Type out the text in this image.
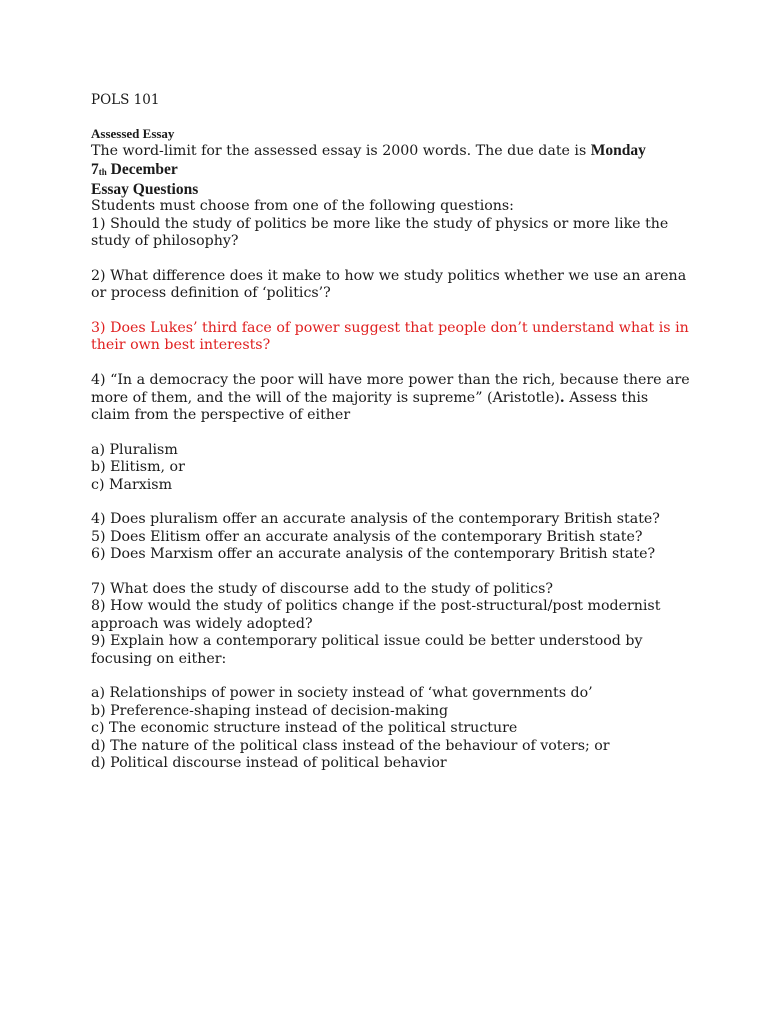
POLS 101

Assessed Essay

The word-limit for the assessed essay is 2000 words. The due date is Monday
7th December

Essay Questions

Students must choose from one of the following questions:

1) Should the study of politics be more like the study of physics or more like the study of philosophy?

2) What difference does it make to how we study politics whether we use an arena or process definition of ‘politics’?

3) Does Lukes’ third face of power suggest that people don’t understand what is in their own best interests?

4) “In a democracy the poor will have more power than the rich, because there are more of them, and the will of the majority is supreme” (Aristotle). Assess this claim from the perspective of either

a) Pluralism

b) Elitism, or

c) Marxism

4) Does pluralism offer an accurate analysis of the contemporary British state?

5) Does Elitism offer an accurate analysis of the contemporary British state?

6) Does Marxism offer an accurate analysis of the contemporary British state?

7) What does the study of discourse add to the study of politics?

8) How would the study of politics change if the post-structural/post modernist approach was widely adopted?

9) Explain how a contemporary political issue could be better understood by focusing on either:

a) Relationships of power in society instead of ‘what governments do’

b) Preference-shaping instead of decision-making

c) The economic structure instead of the political structure

d) The nature of the political class instead of the behaviour of voters; or

d) Political discourse instead of political behavior
